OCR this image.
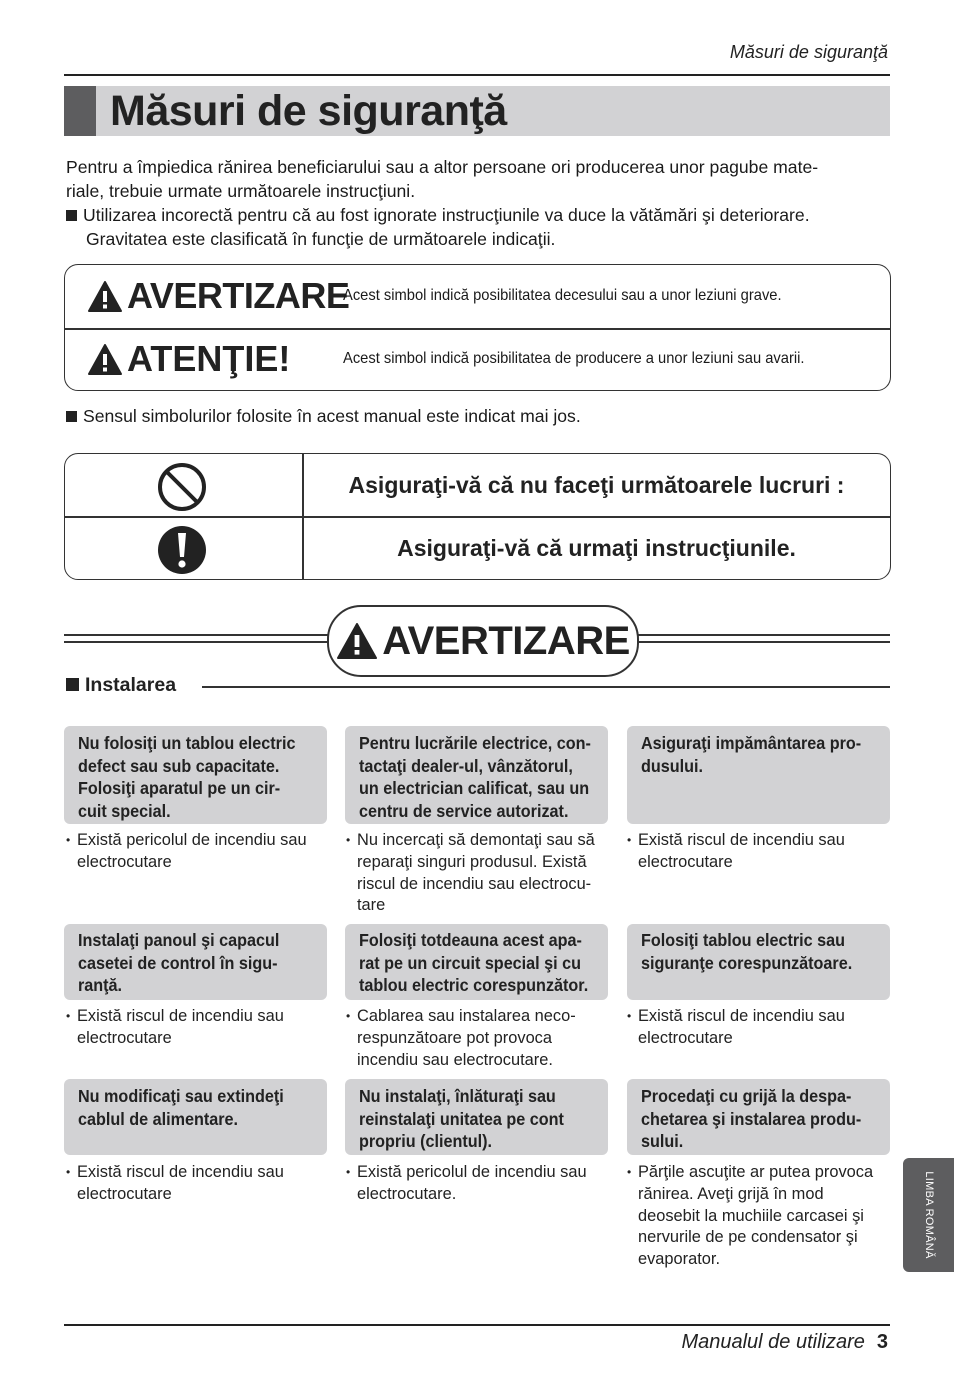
Măsuri de siguranţă
Măsuri de siguranţă

Pentru a împiedica rănirea beneficiarului sau a altor persoane ori producerea unor pagube mate-

riale, trebuie urmate următoarele instrucţiuni.

Utilizarea incorectă pentru că au fost ignorate instrucţiunile va duce la vătămări şi deteriorare.

Gravitatea este clasificată în funcţie de următoarele indicaţii.

AVERTIZARE
Acest simbol indică posibilitatea decesului sau a unor leziuni grave.
ATENŢIE!	Acest simbol indică posibilitatea de producere a unor leziuni sau avarii.
Sensul simbolurilor folosite în acest manual este indicat mai jos.
Asiguraţi-vă că nu faceţi următoarele lucruri :
Asiguraţi-vă că urmaţi instrucţiunile.
AVERTIZARE
Instalarea
Nu folosiţi un tablou electric
defect sau sub capacitate.
Folosiţi aparatul pe un cir-
cuit special.
• Există pericolul de incendiu sau electrocutare
Pentru lucrările electrice, con-
tactaţi dealer-ul, vânzătorul,
un electrician calificat, sau un
centru de service autorizat.
• Nu incercaţi să demontaţi sau să reparaţi singuri produsul. Există riscul de incendiu sau electrocu-tare
Asiguraţi impământarea pro-
dusului.
• Există riscul de incendiu sau electrocutare
Instalaţi panoul şi capacul
casetei de control în sigu-
ranţă.
• Există riscul de incendiu sau electrocutare
Folosiţi totdeauna acest apa-
rat pe un circuit special şi cu
tablou electric corespunzător.
• Cablarea sau instalarea neco-respunzătoare pot provoca incendiu sau electrocutare.
Folosiţi tablou electric sau
siguranţe corespunzătoare.
• Există riscul de incendiu sau electrocutare
Nu modificaţi sau extindeţi
cablul de alimentare.
• Există riscul de incendiu sau electrocutare
Nu instalaţi, înlăturaţi sau
reinstalaţi unitatea pe cont
propriu (clientul).
• Există pericolul de incendiu sau electrocutare.
Procedaţi cu grijă la despa-
chetarea şi instalarea produ-
sului.
• Părţile ascuţite ar putea provoca rănirea. Aveţi grijă în mod deosebit la muchiile carcasei şi nervurile de pe condensator şi evaporator.
LIMBA ROMÂNĂ
Manualul de utilizare 3
